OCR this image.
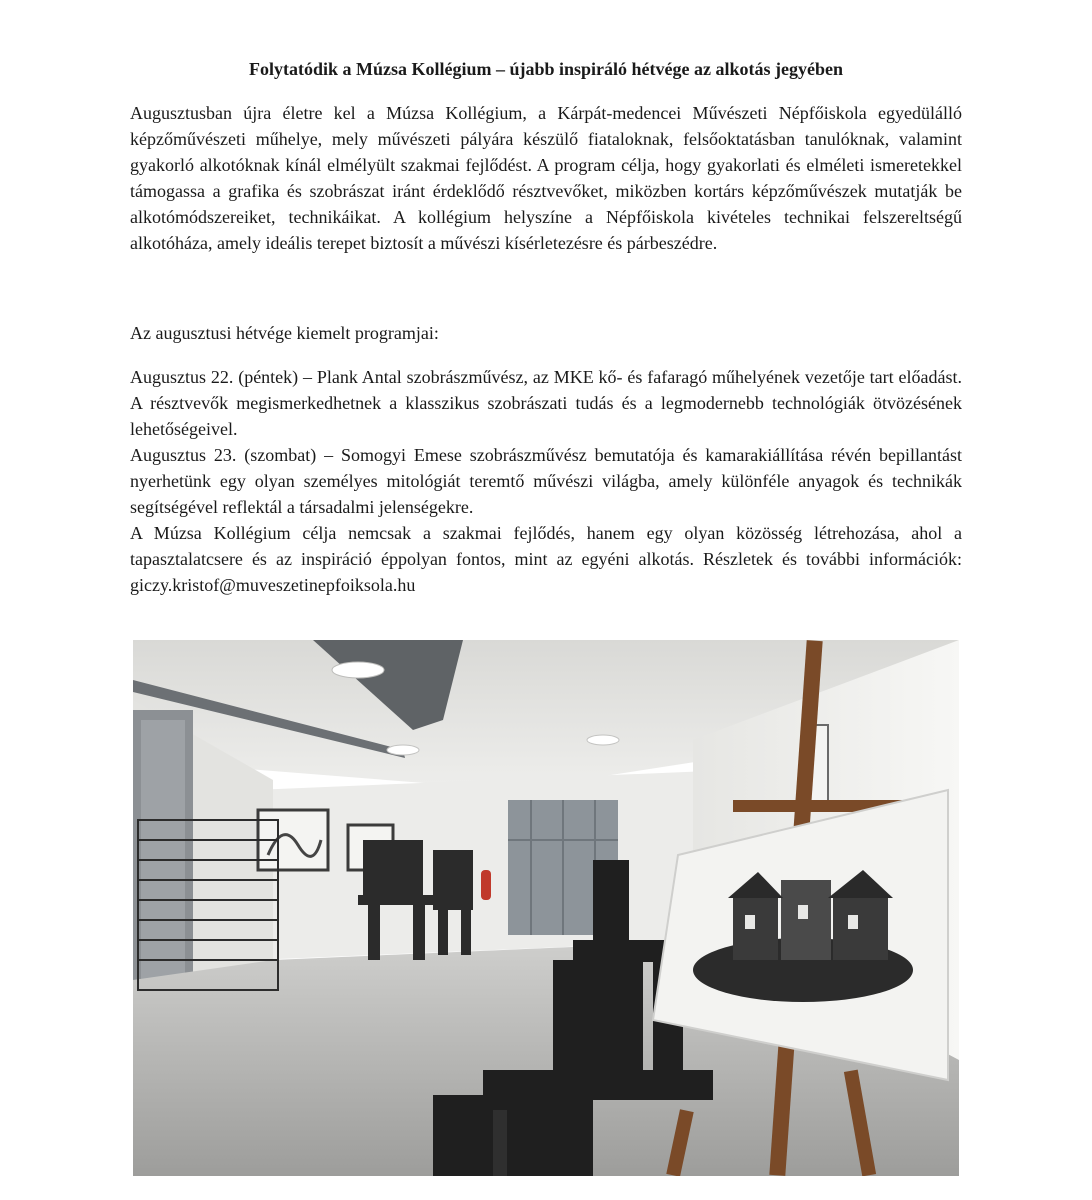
Folytatódik a Múzsa Kollégium – újabb inspiráló hétvége az alkotás jegyében

Augusztusban újra életre kel a Múzsa Kollégium, a Kárpát-medencei Művészeti Népfőiskola egyedülálló képzőművészeti műhelye, mely művészeti pályára készülő fiataloknak, felsőoktatásban tanulóknak, valamint gyakorló alkotóknak kínál elmélyült szakmai fejlődést. A program célja, hogy gyakorlati és elméleti ismeretekkel támogassa a grafika és szobrászat iránt érdeklődő résztvevőket, miközben kortárs képzőművészek mutatják be alkotómódszereiket, technikáikat. A kollégium helyszíne a Népfőiskola kivételes technikai felszereltségű alkotóháza, amely ideális terepet biztosít a művészi kísérletezésre és párbeszédre.

Az augusztusi hétvége kiemelt programjai:

Augusztus 22. (péntek) – Plank Antal szobrászművész, az MKE kő- és fafaragó műhelyének vezetője tart előadást. A résztvevők megismerkedhetnek a klasszikus szobrászati tudás és a legmodernebb technológiák ötvözésének lehetőségeivel.

Augusztus 23. (szombat) – Somogyi Emese szobrászművész bemutatója és kamarakiállítása révén bepillantást nyerhetünk egy olyan személyes mitológiát teremtő művészi világba, amely különféle anyagok és technikák segítségével reflektál a társadalmi jelenségekre.

A Múzsa Kollégium célja nemcsak a szakmai fejlődés, hanem egy olyan közösség létrehozása, ahol a tapasztalatcsere és az inspiráció éppolyan fontos, mint az egyéni alkotás. Részletek és további információk: giczy.kristof@muveszetinepfoiksola.hu
